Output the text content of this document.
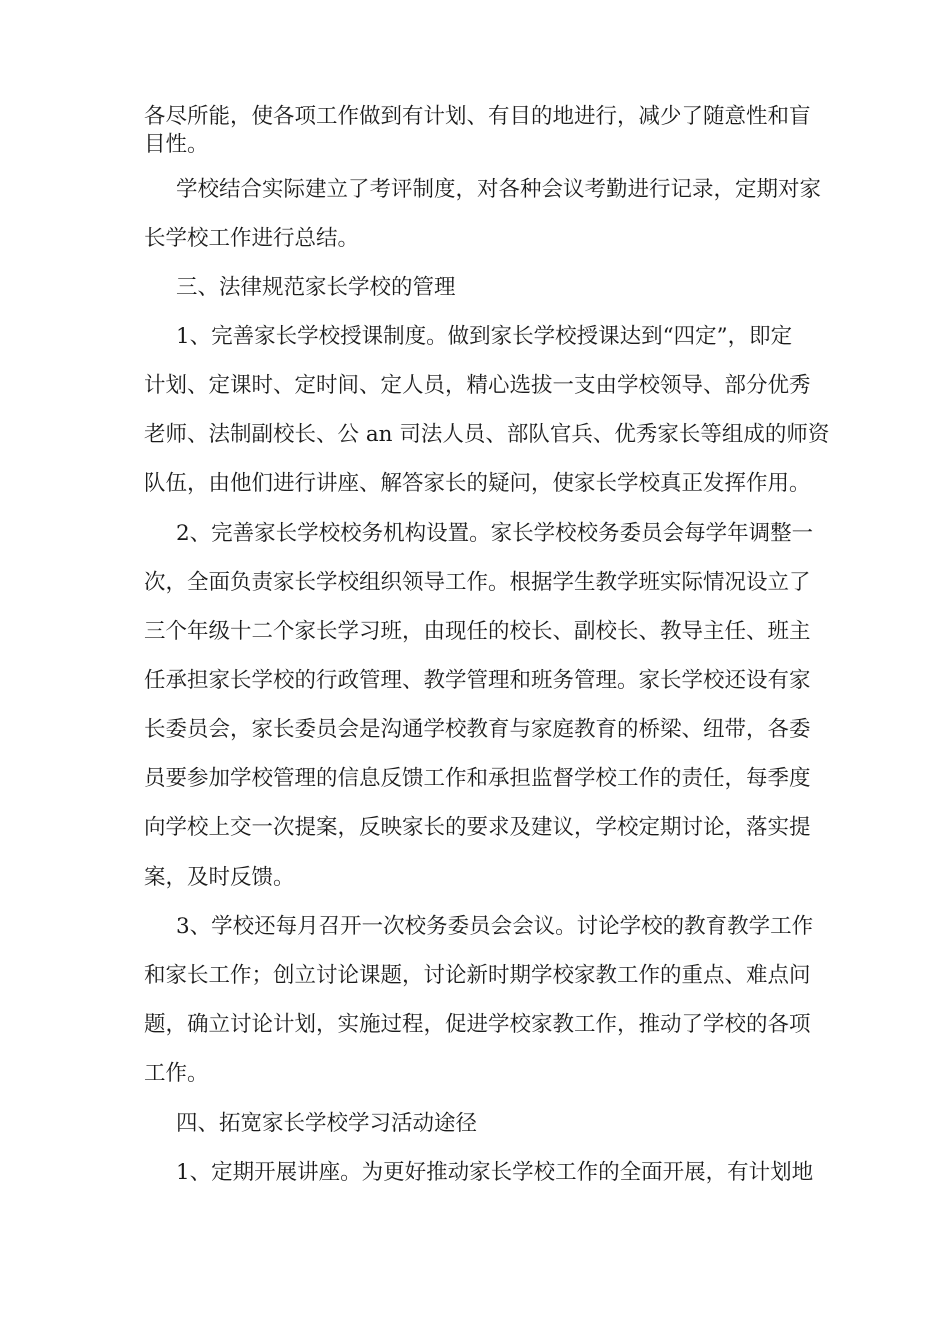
各尽所能，使各项工作做到有计划、有目的地进行，减少了随意性和盲
目性。
学校结合实际建立了考评制度，对各种会议考勤进行记录，定期对家
长学校工作进行总结。
三、法律规范家长学校的管理
1、完善家长学校授课制度。做到家长学校授课达到“四定”，即定
计划、定课时、定时间、定人员，精心选拔一支由学校领导、部分优秀
老师、法制副校长、公 an 司法人员、部队官兵、优秀家长等组成的师资
队伍，由他们进行讲座、解答家长的疑问，使家长学校真正发挥作用。
2、完善家长学校校务机构设置。家长学校校务委员会每学年调整一
次，全面负责家长学校组织领导工作。根据学生教学班实际情况设立了
三个年级十二个家长学习班，由现任的校长、副校长、教导主任、班主
任承担家长学校的行政管理、教学管理和班务管理。家长学校还设有家
长委员会，家长委员会是沟通学校教育与家庭教育的桥梁、纽带，各委
员要参加学校管理的信息反馈工作和承担监督学校工作的责任，每季度
向学校上交一次提案，反映家长的要求及建议，学校定期讨论，落实提
案，及时反馈。
3、学校还每月召开一次校务委员会会议。讨论学校的教育教学工作
和家长工作；创立讨论课题，讨论新时期学校家教工作的重点、难点问
题，确立讨论计划，实施过程，促进学校家教工作，推动了学校的各项
工作。
四、拓宽家长学校学习活动途径
1、定期开展讲座。为更好推动家长学校工作的全面开展，有计划地
